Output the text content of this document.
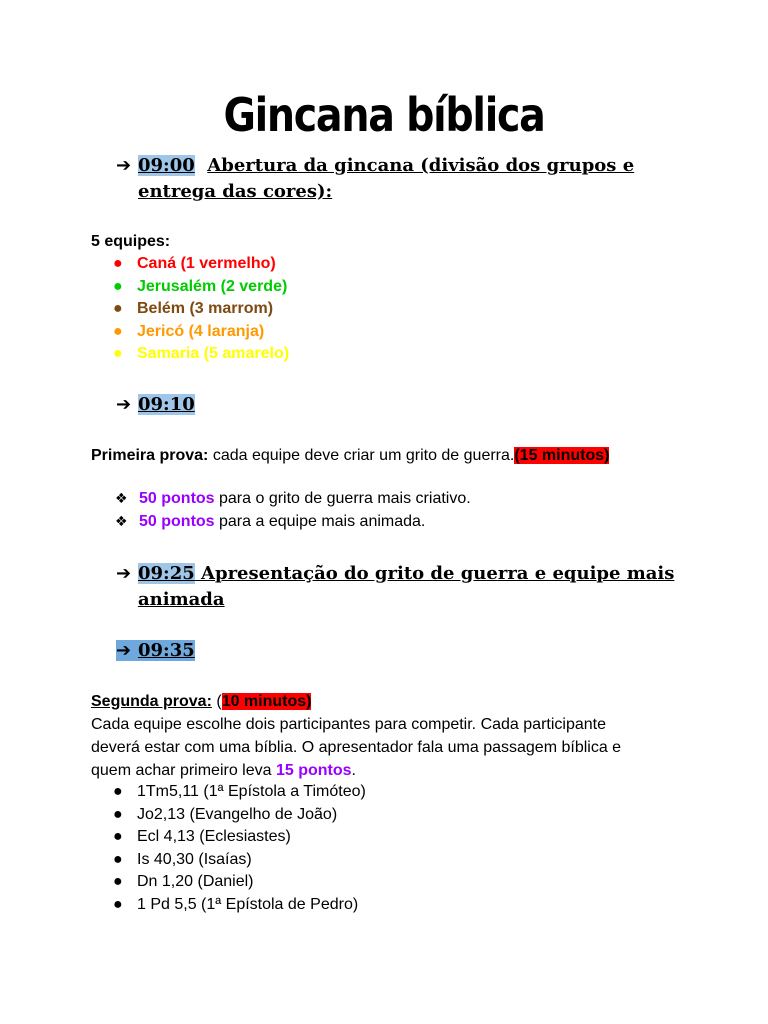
Gincana bíblica
➔ 09:00 Abertura da gincana (divisão dos grupos e
entrega das cores):
5 equipes:
● Caná (1 vermelho)
● Jerusalém (2 verde)
● Belém (3 marrom)
● Jericó (4 laranja)
● Samaria (5 amarelo)
➔ 09:10
Primeira prova: cada equipe deve criar um grito de guerra.(15 minutos)
❖ 50 pontos para o grito de guerra mais criativo.
❖ 50 pontos para a equipe mais animada.
➔ 09:25 Apresentação do grito de guerra e equipe mais
animada
➔ 09:35
Segunda prova: (10 minutos)
Cada equipe escolhe dois participantes para competir. Cada participante
deverá estar com uma bíblia. O apresentador fala uma passagem bíblica e
quem achar primeiro leva 15 pontos.
● 1Tm5,11 (1ª Epístola a Timóteo)
● Jo2,13 (Evangelho de João)
● Ecl 4,13 (Eclesiastes)
● Is 40,30 (Isaías)
● Dn 1,20 (Daniel)
● 1 Pd 5,5 (1ª Epístola de Pedro)
